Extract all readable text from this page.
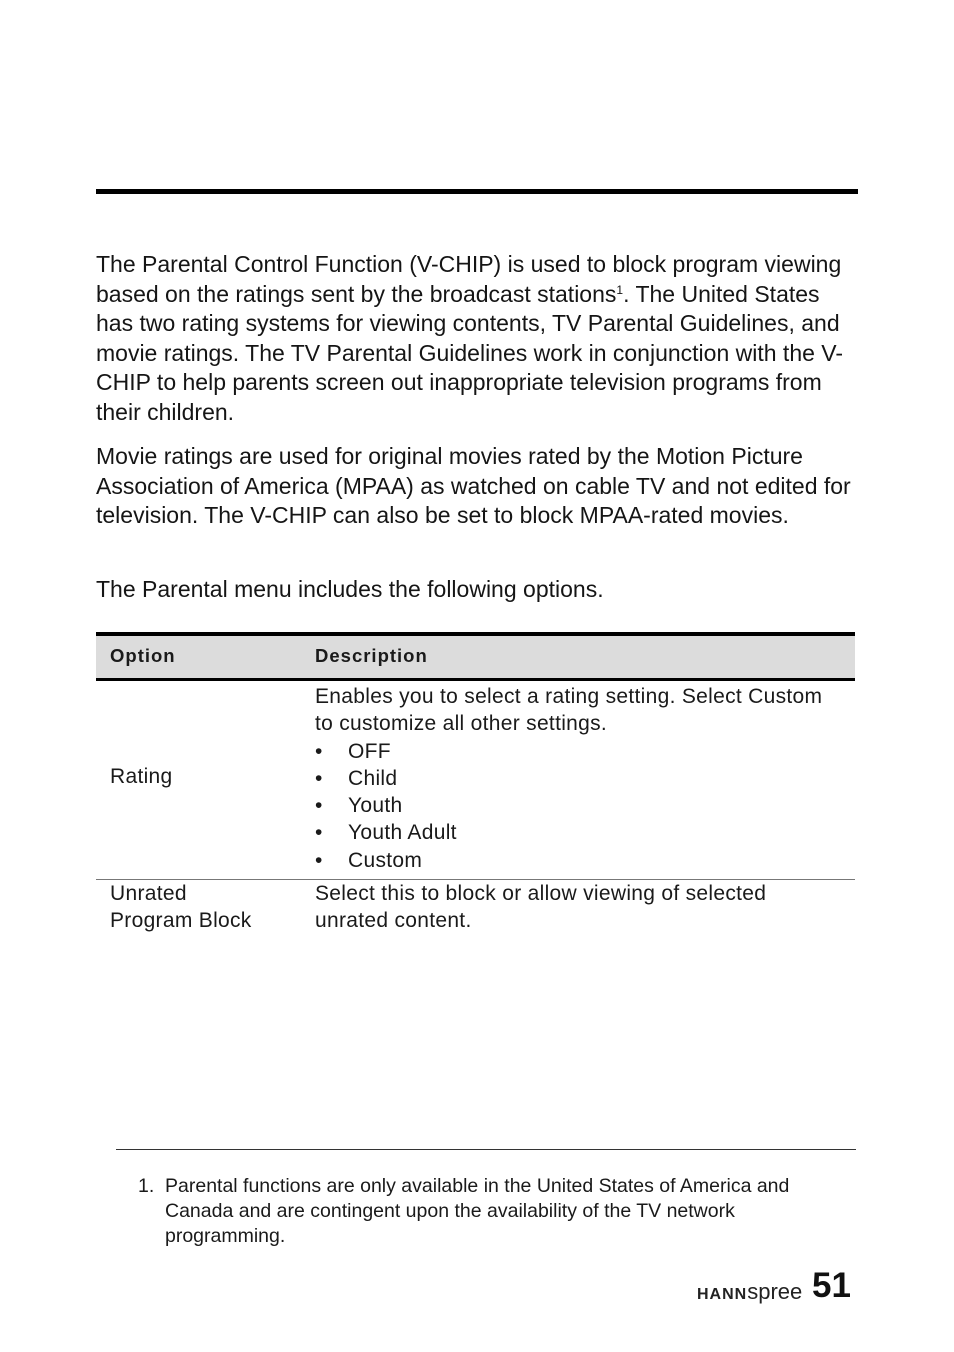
The Parental Control Function (V-CHIP) is used to block program viewing based on the ratings sent by the broadcast stations$^1$. The United States has two rating systems for viewing contents, TV Parental Guidelines, and movie ratings. The TV Parental Guidelines work in conjunction with the V-CHIP to help parents screen out inappropriate television programs from their children.

Movie ratings are used for original movies rated by the Motion Picture Association of America (MPAA) as watched on cable TV and not edited for television. The V-CHIP can also be set to block MPAA-rated movies.

The Parental menu includes the following options.

Option	Description
Rating
Enables you to select a rating setting. Select Custom to customize all other settings.
• OFF
• Child
• Youth
• Youth Adult
• Custom
Unrated
Program Block
Select this to block or allow viewing of selected unrated content.
1. Parental functions are only available in the United States of America and Canada and are contingent upon the availability of the TV network programming.
HANNspree 51
